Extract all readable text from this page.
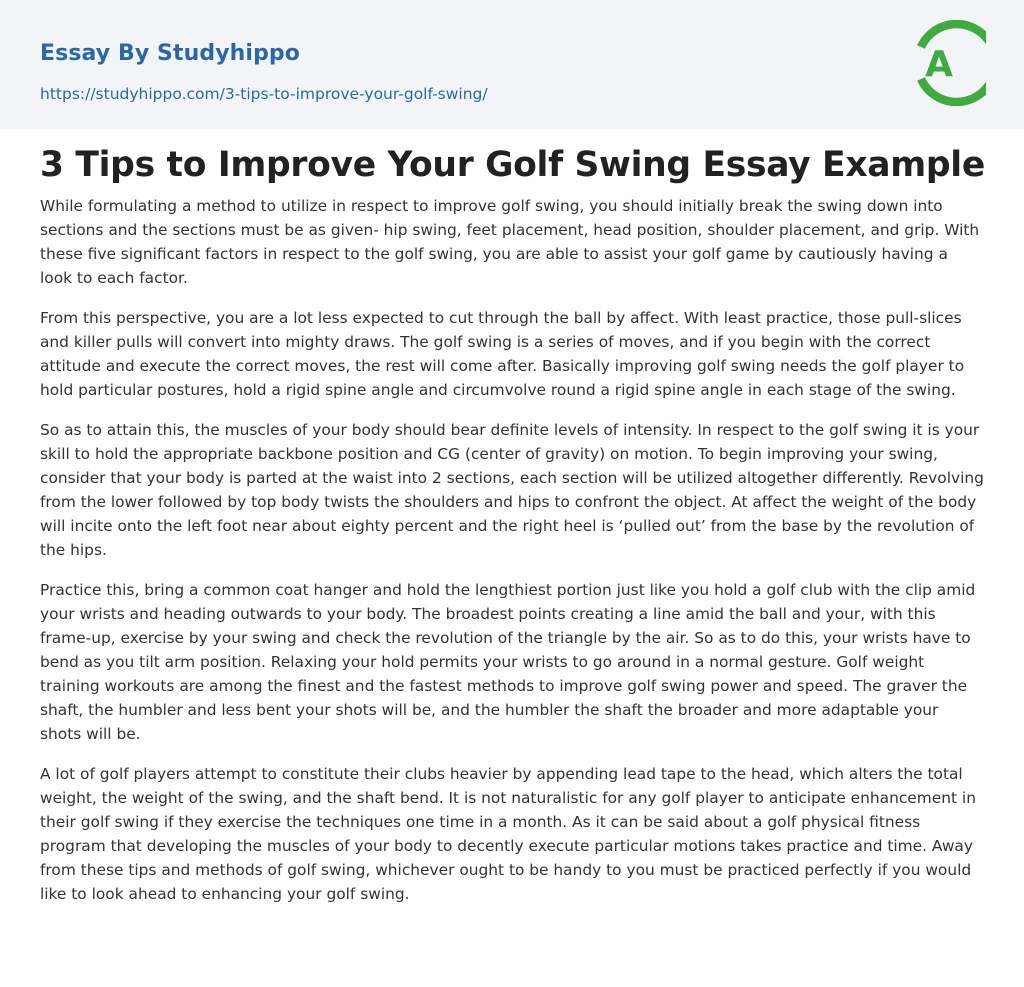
Essay By Studyhippo
https://studyhippo.com/3-tips-to-improve-your-golf-swing/
A
3 Tips to Improve Your Golf Swing Essay Example

While formulating a method to utilize in respect to improve golf swing, you should initially break the swing down into sections and the sections must be as given- hip swing, feet placement, head position, shoulder placement, and grip. With these five significant factors in respect to the golf swing, you are able to assist your golf game by cautiously having a look to each factor.

From this perspective, you are a lot less expected to cut through the ball by affect. With least practice, those pull-slices and killer pulls will convert into mighty draws. The golf swing is a series of moves, and if you begin with the correct attitude and execute the correct moves, the rest will come after. Basically improving golf swing needs the golf player to hold particular postures, hold a rigid spine angle and circumvolve round a rigid spine angle in each stage of the swing.

So as to attain this, the muscles of your body should bear definite levels of intensity. In respect to the golf swing it is your skill to hold the appropriate backbone position and CG (center of gravity) on motion. To begin improving your swing, consider that your body is parted at the waist into 2 sections, each section will be utilized altogether differently. Revolving from the lower followed by top body twists the shoulders and hips to confront the object. At affect the weight of the body will incite onto the left foot near about eighty percent and the right heel is ‘pulled out’ from the base by the revolution of the hips.

Practice this, bring a common coat hanger and hold the lengthiest portion just like you hold a golf club with the clip amid your wrists and heading outwards to your body. The broadest points creating a line amid the ball and your, with this frame-up, exercise by your swing and check the revolution of the triangle by the air. So as to do this, your wrists have to bend as you tilt arm position. Relaxing your hold permits your wrists to go around in a normal gesture. Golf weight training workouts are among the finest and the fastest methods to improve golf swing power and speed. The graver the shaft, the humbler and less bent your shots will be, and the humbler the shaft the broader and more adaptable your shots will be.

A lot of golf players attempt to constitute their clubs heavier by appending lead tape to the head, which alters the total weight, the weight of the swing, and the shaft bend. It is not naturalistic for any golf player to anticipate enhancement in their golf swing if they exercise the techniques one time in a month. As it can be said about a golf physical fitness program that developing the muscles of your body to decently execute particular motions takes practice and time. Away from these tips and methods of golf swing, whichever ought to be handy to you must be practiced perfectly if you would like to look ahead to enhancing your golf swing.
